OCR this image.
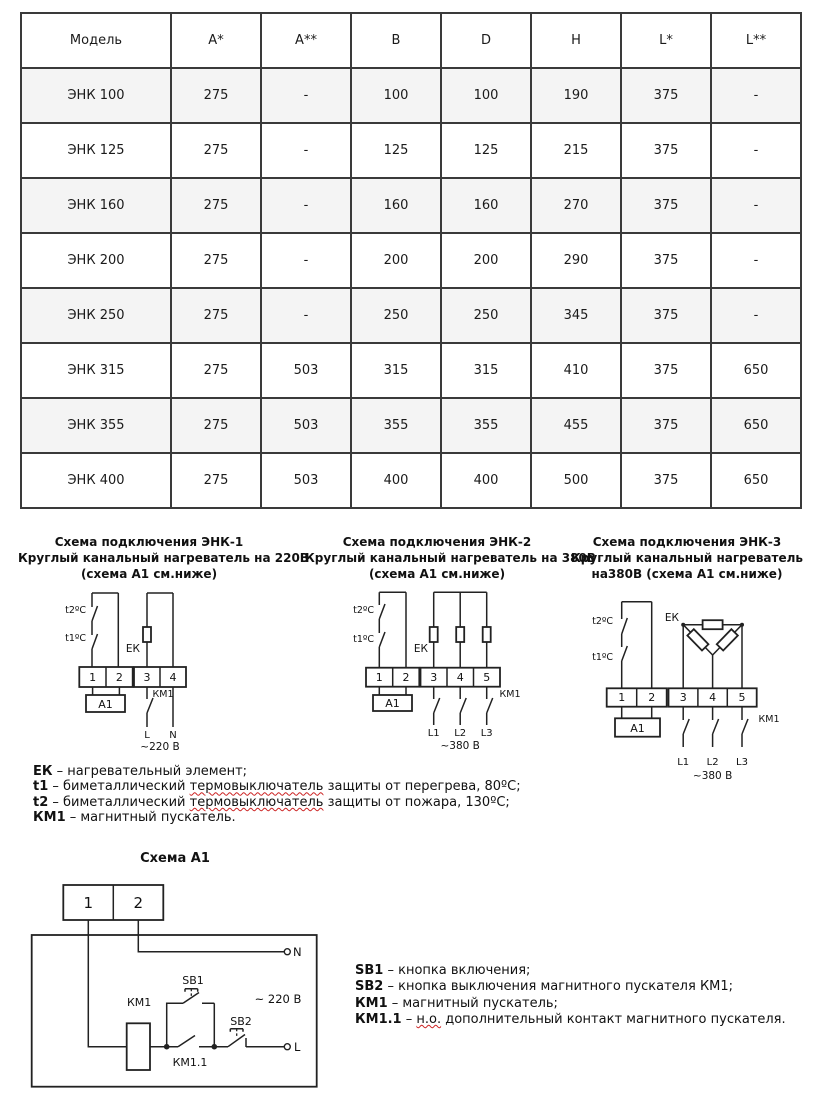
Модель	A*	A**	B	D	H	L*	L**
ЭНК 100	275	-	100	100	190	375	-
ЭНК 125	275	-	125	125	215	375	-
ЭНК 160	275	-	160	160	270	375	-
ЭНК 200	275	-	200	200	290	375	-
ЭНК 250	275	-	250	250	345	375	-
ЭНК 315	275	503	315	315	410	375	650
ЭНК 355	275	503	355	355	455	375	650
ЭНК 400	275	503	400	400	500	375	650
Схема подключения ЭНК-1
Круглый канальный нагреватель на 220В
(схема А1 см.ниже)
Схема подключения ЭНК-2
Круглый канальный нагреватель на 380В
(схема А1 см.ниже)
Схема подключения ЭНК-3
Круглый канальный нагреватель
на380В (схема А1 см.ниже)
t2ºC
t1ºC
ЕК
1 2 3 4
А1
КМ1
L N
~220 В
t2ºC
t1ºC
ЕК
1 2 3 4 5
А1
КМ1
L1 L2 L3
~380 В
t2ºC
t1ºC
ЕК
1 2 3 4 5
А1
КМ1
L1 L2 L3
~380 В
ЕК – нагревательный элемент;
t1 – биметаллический термовыключатель защиты от перегрева, 80ºС;
t2 – биметаллический термовыключатель защиты от пожара, 130ºС;
КМ1 – магнитный пускатель.
Схема А1
1	2
N
КМ1
SB1
SB2
КМ1.1
L
~ 220 В
SB1 – кнопка включения;
SB2 – кнопка выключения магнитного пускателя КМ1;
КМ1 – магнитный пускатель;
КМ1.1 – н.о. дополнительный контакт магнитного пускателя.
